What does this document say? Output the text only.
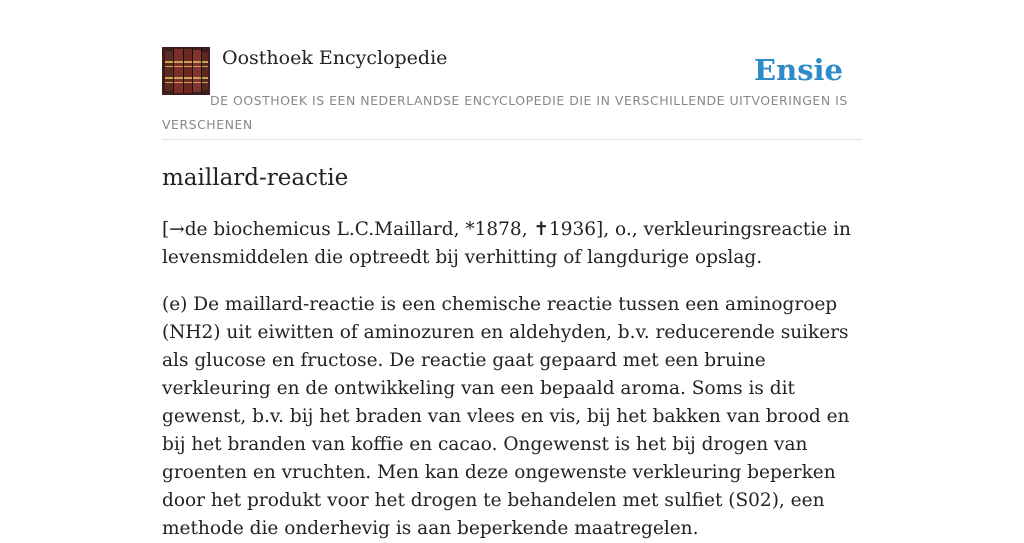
Oosthoek Encyclopedie	Ensie
DE OOSTHOEK IS EEN NEDERLANDSE ENCYCLOPEDIE DIE IN VERSCHILLENDE UITVOERINGEN IS VERSCHENEN
maillard-reactie

[→de biochemicus L.C.Maillard, *1878, ✝1936], o., verkleuringsreactie in levensmiddelen die optreedt bij verhitting of langdurige opslag.

(e) De maillard-reactie is een chemische reactie tussen een aminogroep (NH2) uit eiwitten of aminozuren en aldehyden, b.v. reducerende suikers als glucose en fructose. De reactie gaat gepaard met een bruine verkleuring en de ontwikkeling van een bepaald aroma. Soms is dit gewenst, b.v. bij het braden van vlees en vis, bij het bakken van brood en bij het branden van koffie en cacao. Ongewenst is het bij drogen van groenten en vruchten. Men kan deze ongewenste verkleuring beperken door het produkt voor het drogen te behandelen met sulfiet (S02), een methode die onderhevig is aan beperkende maatregelen.
